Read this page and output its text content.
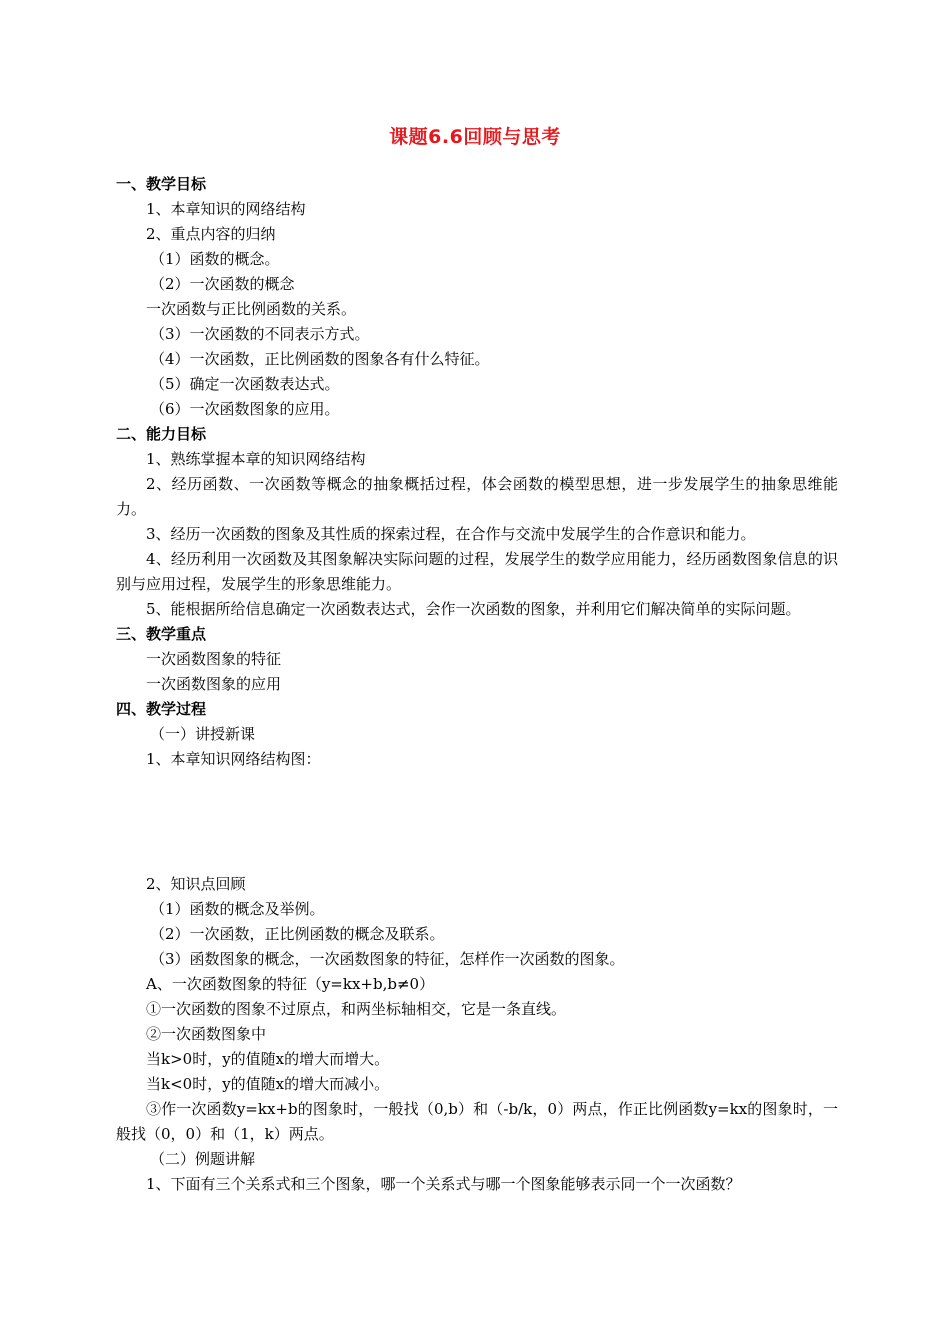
课题6.6回顾与思考
一、教学目标
1、本章知识的网络结构
2、重点内容的归纳
（1）函数的概念。
（2）一次函数的概念
一次函数与正比例函数的关系。
（3）一次函数的不同表示方式。
（4）一次函数，正比例函数的图象各有什么特征。
（5）确定一次函数表达式。
（6）一次函数图象的应用。
二、能力目标
1、熟练掌握本章的知识网络结构
2、经历函数、一次函数等概念的抽象概括过程，体会函数的模型思想，进一步发展学生的抽象思维能力。
3、经历一次函数的图象及其性质的探索过程，在合作与交流中发展学生的合作意识和能力。
4、经历利用一次函数及其图象解决实际问题的过程，发展学生的数学应用能力，经历函数图象信息的识别与应用过程，发展学生的形象思维能力。
5、能根据所给信息确定一次函数表达式，会作一次函数的图象，并利用它们解决简单的实际问题。
三、教学重点
一次函数图象的特征
一次函数图象的应用
四、教学过程
（一）讲授新课
1、本章知识网络结构图：
2、知识点回顾
（1）函数的概念及举例。
（2）一次函数，正比例函数的概念及联系。
（3）函数图象的概念，一次函数图象的特征，怎样作一次函数的图象。
A、一次函数图象的特征（y=kx+b,b≠0）
①一次函数的图象不过原点，和两坐标轴相交，它是一条直线。
②一次函数图象中
当k>0时，y的值随x的增大而增大。
当k<0时，y的值随x的增大而减小。
③作一次函数y=kx+b的图象时，一般找（0,b）和（-b/k，0）两点，作正比例函数y=kx的图象时，一般找（0，0）和（1，k）两点。
（二）例题讲解
1、下面有三个关系式和三个图象，哪一个关系式与哪一个图象能够表示同一个一次函数？
